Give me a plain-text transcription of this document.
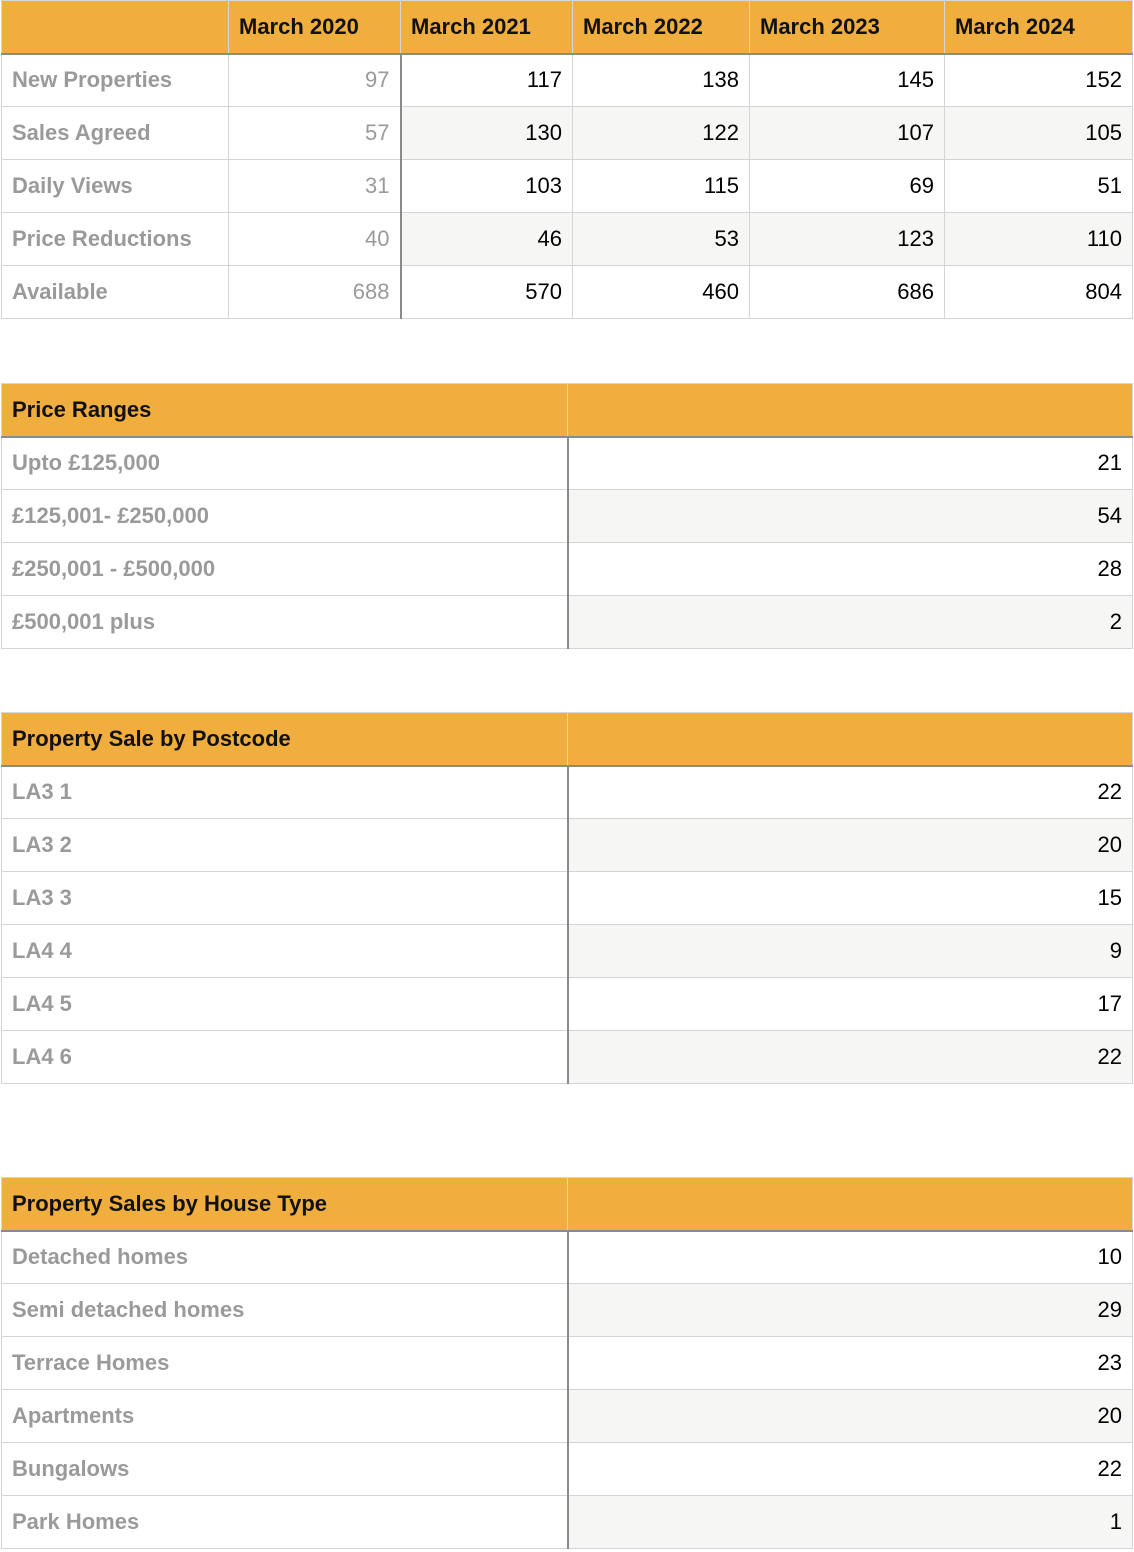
	March 2020	March 2021	March 2022	March 2023	March 2024
New Properties	97	117	138	145	152
Sales Agreed	57	130	122	107	105
Daily Views	31	103	115	69	51
Price Reductions	40	46	53	123	110
Available	688	570	460	686	804
Price Ranges	
Upto £125,000	21
£125,001- £250,000	54
£250,001 - £500,000	28
£500,001 plus	2
Property Sale by Postcode	
LA3 1	22
LA3 2	20
LA3 3	15
LA4 4	9
LA4 5	17
LA4 6	22
Property Sales by House Type	
Detached homes	10
Semi detached homes	29
Terrace Homes	23
Apartments	20
Bungalows	22
Park Homes	1
